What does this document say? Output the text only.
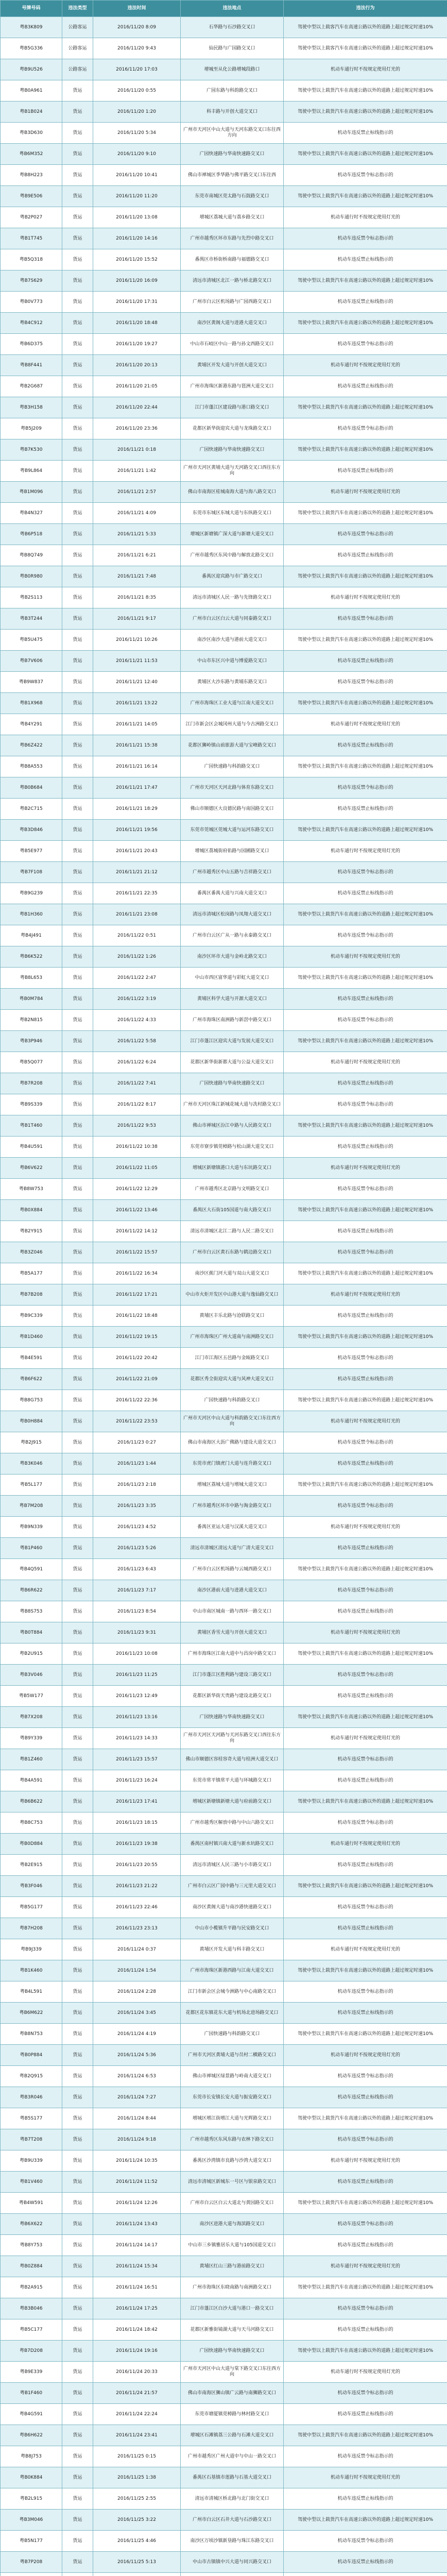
号牌号码	违法类型	违法时间	违法地点	违法行为
粤B3K809	公路客运	2016/11/20 8:09	石华路与石沙路交叉口	驾驶中型以上载客汽车在高速公路以外的道路上超过规定时速10%
粤B5G336	公路客运	2016/11/20 9:43	仙民路与广园路交叉口	驾驶中型以上载客汽车在高速公路以外的道路上超过规定时速10%
粤B9U526	公路客运	2016/11/20 17:03	增城至从化公路增城段路口	机动车通行时不按规定使用灯光的
粤B0A961	货运	2016/11/20 0:55	广园东路与科韵路交叉口	驾驶中型以上载货汽车在高速公路以外的道路上超过规定时速10%
粤B1B024	货运	2016/11/20 1:20	科丰路与开创大道交叉口	驾驶中型以上载货汽车在高速公路以外的道路上超过规定时速10%
粤B3D630	货运	2016/11/20 5:34	广州市天河区中山大道与天河东路交叉口东往西方向	机动车违反禁止标线指示的
粤B6M352	货运	2016/11/20 9:10	广园快速路与华南快速路交叉口	驾驶中型以上载货汽车在高速公路以外的道路上超过规定时速10%
粤B8H223	货运	2016/11/20 10:41	佛山市禅城区季华路与佛平路交叉口东往西	机动车违反禁令标志指示的
粤B9E506	货运	2016/11/20 11:20	东莞市南城区莞太路与石鼓路交叉口	驾驶中型以上载货汽车在高速公路以外的道路上超过规定时速10%
粤B2P027	货运	2016/11/20 13:08	增城区荔城大道与荔乡路交叉口	机动车通行时不按规定使用灯光的
粤B1T745	货运	2016/11/20 14:16	广州市越秀区环市东路与先烈中路交叉口	机动车违反禁令标志指示的
粤B5Q318	货运	2016/11/20 15:52	番禺区市桥街桥南路与福德路交叉口	机动车违反禁止标线指示的
粤B7S629	货运	2016/11/20 16:09	清远市清城区北江一路与桥北路交叉口	驾驶中型以上载货汽车在高速公路以外的道路上超过规定时速10%
粤B0V773	货运	2016/11/20 17:31	广州市白云区机场路与广园西路交叉口	机动车违反禁止标线指示的
粤B4C912	货运	2016/11/20 18:48	南沙区黄阁大道与进港大道交叉口	驾驶中型以上载货汽车在高速公路以外的道路上超过规定时速10%
粤B6D375	货运	2016/11/20 19:27	中山市石岐区中山一路与孙文西路交叉口	机动车违反禁令标志指示的
粤B8F441	货运	2016/11/20 20:13	黄埔区开发大道与开创大道交叉口	机动车通行时不按规定使用灯光的
粤B2G687	货运	2016/11/20 21:05	广州市海珠区新港东路与琶洲大道交叉口	机动车违反禁止标线指示的
粤B3H158	货运	2016/11/20 22:44	江门市蓬江区建设路与港口路交叉口	驾驶中型以上载货汽车在高速公路以外的道路上超过规定时速10%
粤B5J209	货运	2016/11/20 23:36	花都区新华街迎宾大道与龙珠路交叉口	机动车违反禁令标志指示的
粤B7K530	货运	2016/11/21 0:18	广园快速路与华南快速路交叉口	驾驶中型以上载货汽车在高速公路以外的道路上超过规定时速10%
粤B9L864	货运	2016/11/21 1:42	广州市天河区黄埔大道与天河路交叉口西往东方向	机动车违反禁止标线指示的
粤B1M096	货运	2016/11/21 2:57	佛山市南海区桂城南海大道与海八路交叉口	机动车通行时不按规定使用灯光的
粤B4N327	货运	2016/11/21 4:09	东莞市东城区东城大道与东纵路交叉口	驾驶中型以上载货汽车在高速公路以外的道路上超过规定时速10%
粤B6P518	货运	2016/11/21 5:33	增城区新塘镇广深大道与新塘大道交叉口	机动车违反禁令标志指示的
粤B8Q749	货运	2016/11/21 6:21	广州市越秀区东风中路与解放北路交叉口	机动车违反禁止标线指示的
粤B0R980	货运	2016/11/21 7:48	番禺区迎宾路与市广路交叉口	驾驶中型以上载货汽车在高速公路以外的道路上超过规定时速10%
粤B2S113	货运	2016/11/21 8:35	清远市清城区人民一路与先锋路交叉口	机动车通行时不按规定使用灯光的
粤B3T244	货运	2016/11/21 9:17	广州市白云区白云大道与同泰路交叉口	机动车违反禁令标志指示的
粤B5U475	货运	2016/11/21 10:26	南沙区南沙大道与港前大道交叉口	驾驶中型以上载货汽车在高速公路以外的道路上超过规定时速10%
粤B7V606	货运	2016/11/21 11:53	中山市东区兴中道与博爱路交叉口	机动车违反禁止标线指示的
粤B9W837	货运	2016/11/21 12:40	黄埔区大沙东路与黄埔东路交叉口	机动车违反禁令标志指示的
粤B1X968	货运	2016/11/21 13:22	广州市海珠区工业大道与江南大道交叉口	驾驶中型以上载货汽车在高速公路以外的道路上超过规定时速10%
粤B4Y291	货运	2016/11/21 14:05	江门市新会区会城冈州大道与今古洲路交叉口	机动车通行时不按规定使用灯光的
粤B6Z422	货运	2016/11/21 15:38	花都区狮岭镇山前旅游大道与宝峰路交叉口	机动车违反禁止标线指示的
粤B8A553	货运	2016/11/21 16:14	广园快速路与科韵路交叉口	驾驶中型以上载货汽车在高速公路以外的道路上超过规定时速10%
粤B0B684	货运	2016/11/21 17:47	广州市天河区天河北路与体育东路交叉口	机动车违反禁令标志指示的
粤B2C715	货运	2016/11/21 18:29	佛山市顺德区大良德民路与南国路交叉口	机动车违反禁止标线指示的
粤B3D846	货运	2016/11/21 19:56	东莞市莞城区莞城大道与运河东路交叉口	驾驶中型以上载货汽车在高速公路以外的道路上超过规定时速10%
粤B5E977	货运	2016/11/21 20:43	增城区荔城街府佑路与园圃路交叉口	机动车通行时不按规定使用灯光的
粤B7F108	货运	2016/11/21 21:12	广州市越秀区中山五路与吉祥路交叉口	机动车违反禁令标志指示的
粤B9G239	货运	2016/11/21 22:35	番禺区番禺大道与兴南大道交叉口	机动车违反禁止标线指示的
粤B1H360	货运	2016/11/21 23:08	清远市清城区松岗路与凤翔大道交叉口	驾驶中型以上载货汽车在高速公路以外的道路上超过规定时速10%
粤B4J491	货运	2016/11/22 0:51	广州市白云区广从一路与永泰路交叉口	机动车违反禁令标志指示的
粤B6K522	货运	2016/11/22 1:26	南沙区环市大道与金岭北路交叉口	机动车通行时不按规定使用灯光的
粤B8L653	货运	2016/11/22 2:47	中山市西区富华道与彩虹大道交叉口	驾驶中型以上载货汽车在高速公路以外的道路上超过规定时速10%
粤B0M784	货运	2016/11/22 3:19	黄埔区科学大道与开源大道交叉口	机动车违反禁止标线指示的
粤B2N815	货运	2016/11/22 4:33	广州市海珠区南洲路与新滘中路交叉口	机动车违反禁令标志指示的
粤B3P946	货运	2016/11/22 5:58	江门市蓬江区迎宾大道与发展大道交叉口	驾驶中型以上载货汽车在高速公路以外的道路上超过规定时速10%
粤B5Q077	货运	2016/11/22 6:24	花都区新华街新都大道与公益大道交叉口	机动车通行时不按规定使用灯光的
粤B7R208	货运	2016/11/22 7:41	广园快速路与华南快速路交叉口	机动车违反禁止标线指示的
粤B9S339	货运	2016/11/22 8:17	广州市天河区珠江新城花城大道与冼村路交叉口	机动车违反禁令标志指示的
粤B1T460	货运	2016/11/22 9:53	佛山市禅城区汾江中路与人民路交叉口	驾驶中型以上载货汽车在高速公路以外的道路上超过规定时速10%
粤B4U591	货运	2016/11/22 10:38	东莞市寮步镇莞樟路与松山湖大道交叉口	机动车违反禁止标线指示的
粤B6V622	货运	2016/11/22 11:05	增城区新塘镇港口大道与东坑路交叉口	机动车通行时不按规定使用灯光的
粤B8W753	货运	2016/11/22 12:29	广州市越秀区北京路与文明路交叉口	机动车违反禁令标志指示的
粤B0X884	货运	2016/11/22 13:46	番禺区大石街105国道与南大路交叉口	驾驶中型以上载货汽车在高速公路以外的道路上超过规定时速10%
粤B2Y915	货运	2016/11/22 14:12	清远市清城区北江二路与人民二路交叉口	机动车违反禁止标线指示的
粤B3Z046	货运	2016/11/22 15:57	广州市白云区黄石东路与鹤边路交叉口	机动车违反禁令标志指示的
粤B5A177	货运	2016/11/22 16:34	南沙区蕉门河大道与双山大道交叉口	驾驶中型以上载货汽车在高速公路以外的道路上超过规定时速10%
粤B7B208	货运	2016/11/22 17:21	中山市火炬开发区中山港大道与逸仙路交叉口	机动车通行时不按规定使用灯光的
粤B9C339	货运	2016/11/22 18:48	黄埔区丰乐北路与沧联路交叉口	机动车违反禁止标线指示的
粤B1D460	货运	2016/11/22 19:15	广州市海珠区广州大道南与南洲路交叉口	驾驶中型以上载货汽车在高速公路以外的道路上超过规定时速10%
粤B4E591	货运	2016/11/22 20:42	江门市江海区五邑路与金瓯路交叉口	机动车违反禁令标志指示的
粤B6F622	货运	2016/11/22 21:09	花都区秀全街迎宾大道与风神大道交叉口	机动车违反禁止标线指示的
粤B8G753	货运	2016/11/22 22:36	广园快速路与科韵路交叉口	驾驶中型以上载货汽车在高速公路以外的道路上超过规定时速10%
粤B0H884	货运	2016/11/22 23:53	广州市天河区中山大道与科韵路交叉口东往西方向	机动车通行时不按规定使用灯光的
粤B2J915	货运	2016/11/23 0:27	佛山市南海区大沥广佛路与建设大道交叉口	机动车违反禁令标志指示的
粤B3K046	货运	2016/11/23 1:44	东莞市虎门镇虎门大道与连升路交叉口	机动车违反禁止标线指示的
粤B5L177	货运	2016/11/23 2:18	增城区荔城大道与增城大道交叉口	驾驶中型以上载货汽车在高速公路以外的道路上超过规定时速10%
粤B7M208	货运	2016/11/23 3:35	广州市越秀区环市中路与淘金路交叉口	机动车违反禁令标志指示的
粤B9N339	货运	2016/11/23 4:52	番禺区亚运大道与汉溪大道交叉口	机动车通行时不按规定使用灯光的
粤B1P460	货运	2016/11/23 5:26	清远市清城区清远大道与广清大道交叉口	机动车违反禁止标线指示的
粤B4Q591	货运	2016/11/23 6:43	广州市白云区机场路与云城西路交叉口	驾驶中型以上载货汽车在高速公路以外的道路上超过规定时速10%
粤B6R622	货运	2016/11/23 7:17	南沙区港前大道与进港大道交叉口	机动车违反禁令标志指示的
粤B8S753	货运	2016/11/23 8:54	中山市南区城南一路与西环一路交叉口	机动车违反禁止标线指示的
粤B0T884	货运	2016/11/23 9:31	黄埔区香雪大道与开创大道交叉口	机动车通行时不按规定使用灯光的
粤B2U915	货运	2016/11/23 10:08	广州市海珠区江南大道中与昌岗中路交叉口	驾驶中型以上载货汽车在高速公路以外的道路上超过规定时速10%
粤B3V046	货运	2016/11/23 11:25	江门市蓬江区胜利路与建设三路交叉口	机动车违反禁令标志指示的
粤B5W177	货运	2016/11/23 12:49	花都区新华街天贵路与建设北路交叉口	机动车违反禁止标线指示的
粤B7X208	货运	2016/11/23 13:16	广园快速路与华南快速路交叉口	驾驶中型以上载货汽车在高速公路以外的道路上超过规定时速10%
粤B9Y339	货运	2016/11/23 14:33	广州市天河区天河路与天河东路交叉口西往东方向	机动车通行时不按规定使用灯光的
粤B1Z460	货运	2016/11/23 15:57	佛山市顺德区容桂容奇大道与桂洲大道交叉口	机动车违反禁令标志指示的
粤B4A591	货运	2016/11/23 16:24	东莞市常平镇常平大道与环城路交叉口	机动车违反禁止标线指示的
粤B6B622	货运	2016/11/23 17:41	增城区新塘镇新塘大道与府前路交叉口	驾驶中型以上载货汽车在高速公路以外的道路上超过规定时速10%
粤B8C753	货运	2016/11/23 18:15	广州市越秀区解放中路与中山六路交叉口	机动车违反禁令标志指示的
粤B0D884	货运	2016/11/23 19:38	番禺区南村镇兴南大道与新水坑路交叉口	机动车通行时不按规定使用灯光的
粤B2E915	货运	2016/11/23 20:55	清远市清城区人民三路与小市路交叉口	机动车违反禁止标线指示的
粤B3F046	货运	2016/11/23 21:22	广州市白云区广园中路与三元里大道交叉口	驾驶中型以上载货汽车在高速公路以外的道路上超过规定时速10%
粤B5G177	货运	2016/11/23 22:46	南沙区黄阁大道与南沙港快速路交叉口	机动车违反禁令标志指示的
粤B7H208	货运	2016/11/23 23:13	中山市小榄镇升平路与民安路交叉口	机动车违反禁止标线指示的
粤B9J339	货运	2016/11/24 0:37	黄埔区开发大道与科丰路交叉口	机动车通行时不按规定使用灯光的
粤B1K460	货运	2016/11/24 1:54	广州市海珠区新港西路与江南大道交叉口	驾驶中型以上载货汽车在高速公路以外的道路上超过规定时速10%
粤B4L591	货运	2016/11/24 2:28	江门市新会区会城今洲路与中心南路交叉口	机动车违反禁令标志指示的
粤B6M622	货运	2016/11/24 3:45	花都区花东镇花东大道与机场北进场路交叉口	机动车违反禁止标线指示的
粤B8N753	货运	2016/11/24 4:19	广园快速路与科韵路交叉口	驾驶中型以上载货汽车在高速公路以外的道路上超过规定时速10%
粤B0P884	货运	2016/11/24 5:36	广州市天河区黄埔大道与员村二横路交叉口	机动车通行时不按规定使用灯光的
粤B2Q915	货运	2016/11/24 6:53	佛山市禅城区绿景路与岭南大道交叉口	机动车违反禁令标志指示的
粤B3R046	货运	2016/11/24 7:27	东莞市长安镇长安大道与振安路交叉口	机动车违反禁止标线指示的
粤B5S177	货运	2016/11/24 8:44	增城区增江街增江大道与光辉路交叉口	驾驶中型以上载货汽车在高速公路以外的道路上超过规定时速10%
粤B7T208	货运	2016/11/24 9:18	广州市越秀区东风东路与农林下路交叉口	机动车违反禁令标志指示的
粤B9U339	货运	2016/11/24 10:35	番禺区沙湾镇市良路与沙湾大道交叉口	机动车通行时不按规定使用灯光的
粤B1V460	货运	2016/11/24 11:52	清远市清城区新城东一号区与银泉路交叉口	机动车违反禁止标线指示的
粤B4W591	货运	2016/11/24 12:26	广州市白云区白云大道北与黄园路交叉口	驾驶中型以上载货汽车在高速公路以外的道路上超过规定时速10%
粤B6X622	货运	2016/11/24 13:43	南沙区进港大道与海滨路交叉口	机动车违反禁令标志指示的
粤B8Y753	货运	2016/11/24 14:17	中山市三乡镇雅居乐大道与105国道交叉口	机动车违反禁止标线指示的
粤B0Z884	货运	2016/11/24 15:34	黄埔区红山三路与港前路交叉口	机动车通行时不按规定使用灯光的
粤B2A915	货运	2016/11/24 16:51	广州市海珠区东晓南路与南洲路交叉口	驾驶中型以上载货汽车在高速公路以外的道路上超过规定时速10%
粤B3B046	货运	2016/11/24 17:25	江门市蓬江区白沙大道与港口一路交叉口	机动车违反禁令标志指示的
粤B5C177	货运	2016/11/24 18:42	花都区新雅街镜湖大道与天马河路交叉口	机动车违反禁止标线指示的
粤B7D208	货运	2016/11/24 19:16	广园快速路与华南快速路交叉口	驾驶中型以上载货汽车在高速公路以外的道路上超过规定时速10%
粤B9E339	货运	2016/11/24 20:33	广州市天河区中山大道与棠下路交叉口东往西方向	机动车通行时不按规定使用灯光的
粤B1F460	货运	2016/11/24 21:57	佛山市南海区狮山镇广云路与南狮路交叉口	机动车违反禁令标志指示的
粤B4G591	货运	2016/11/24 22:24	东莞市塘厦镇莞樟路与林村路交叉口	机动车违反禁止标线指示的
粤B6H622	货运	2016/11/24 23:41	增城区石滩镇荔三公路与石滩大道交叉口	驾驶中型以上载货汽车在高速公路以外的道路上超过规定时速10%
粤B8J753	货运	2016/11/25 0:15	广州市越秀区广州大道中与中山一路交叉口	机动车违反禁令标志指示的
粤B0K884	货运	2016/11/25 1:38	番禺区石基镇市莲路与石基大道交叉口	机动车通行时不按规定使用灯光的
粤B2L915	货运	2016/11/25 2:55	清远市清城区桥北路与北门街交叉口	机动车违反禁止标线指示的
粤B3M046	货运	2016/11/25 3:22	广州市白云区石井大道与石沙路交叉口	驾驶中型以上载货汽车在高速公路以外的道路上超过规定时速10%
粤B5N177	货运	2016/11/25 4:46	南沙区万顷沙镇新垦路与珠江东路交叉口	机动车违反禁令标志指示的
粤B7P208	货运	2016/11/25 5:13	中山市古镇镇中兴大道与同兴路交叉口	机动车违反禁止标线指示的
